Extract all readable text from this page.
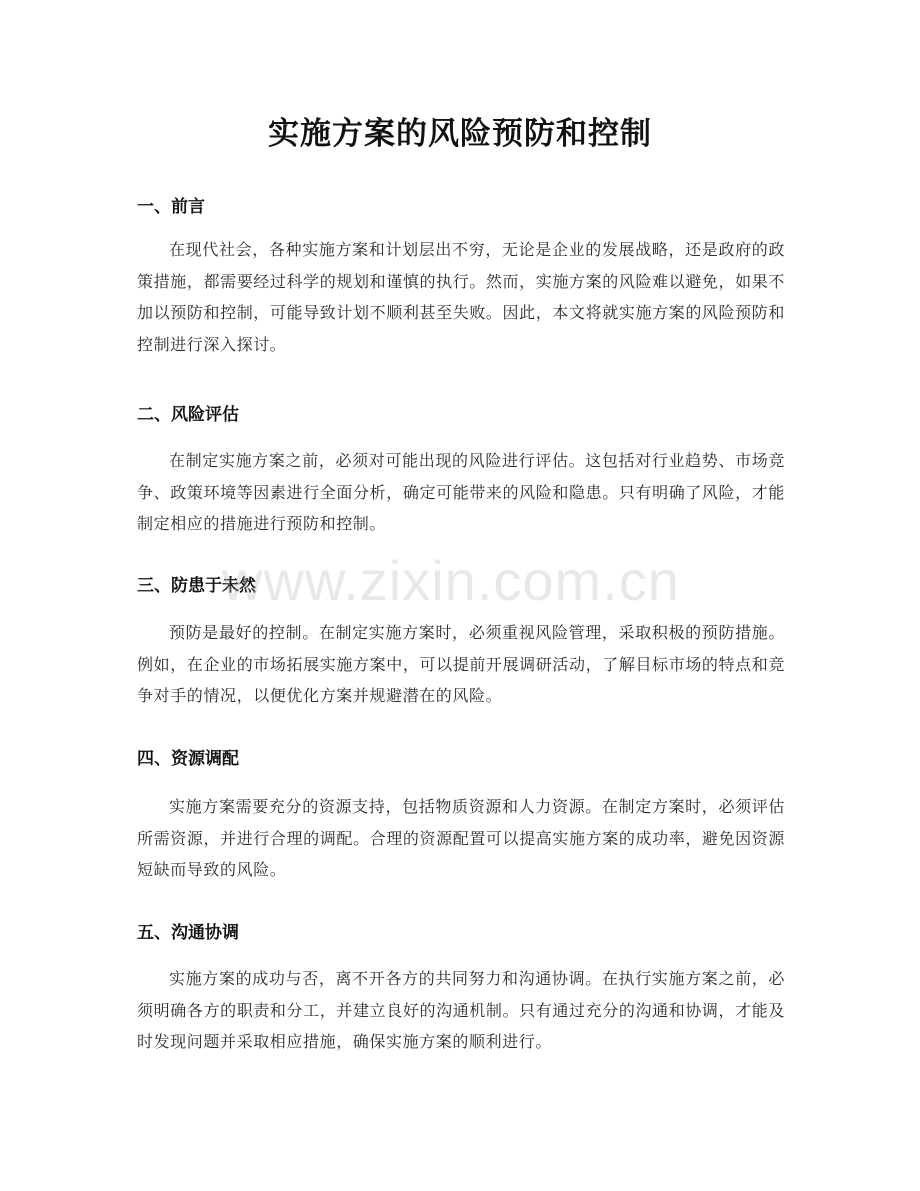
实施方案的风险预防和控制
一、前言

在现代社会，各种实施方案和计划层出不穷，无论是企业的发展战略，还是政府的政策措施，都需要经过科学的规划和谨慎的执行。然而，实施方案的风险难以避免，如果不加以预防和控制，可能导致计划不顺利甚至失败。因此，本文将就实施方案的风险预防和控制进行深入探讨。

二、风险评估

在制定实施方案之前，必须对可能出现的风险进行评估。这包括对行业趋势、市场竞争、政策环境等因素进行全面分析，确定可能带来的风险和隐患。只有明确了风险，才能制定相应的措施进行预防和控制。

三、防患于未然

预防是最好的控制。在制定实施方案时，必须重视风险管理，采取积极的预防措施。例如，在企业的市场拓展实施方案中，可以提前开展调研活动，了解目标市场的特点和竞争对手的情况，以便优化方案并规避潜在的风险。

四、资源调配

实施方案需要充分的资源支持，包括物质资源和人力资源。在制定方案时，必须评估所需资源，并进行合理的调配。合理的资源配置可以提高实施方案的成功率，避免因资源短缺而导致的风险。

五、沟通协调

实施方案的成功与否，离不开各方的共同努力和沟通协调。在执行实施方案之前，必须明确各方的职责和分工，并建立良好的沟通机制。只有通过充分的沟通和协调，才能及时发现问题并采取相应措施，确保实施方案的顺利进行。

www.zixin.com.cn
